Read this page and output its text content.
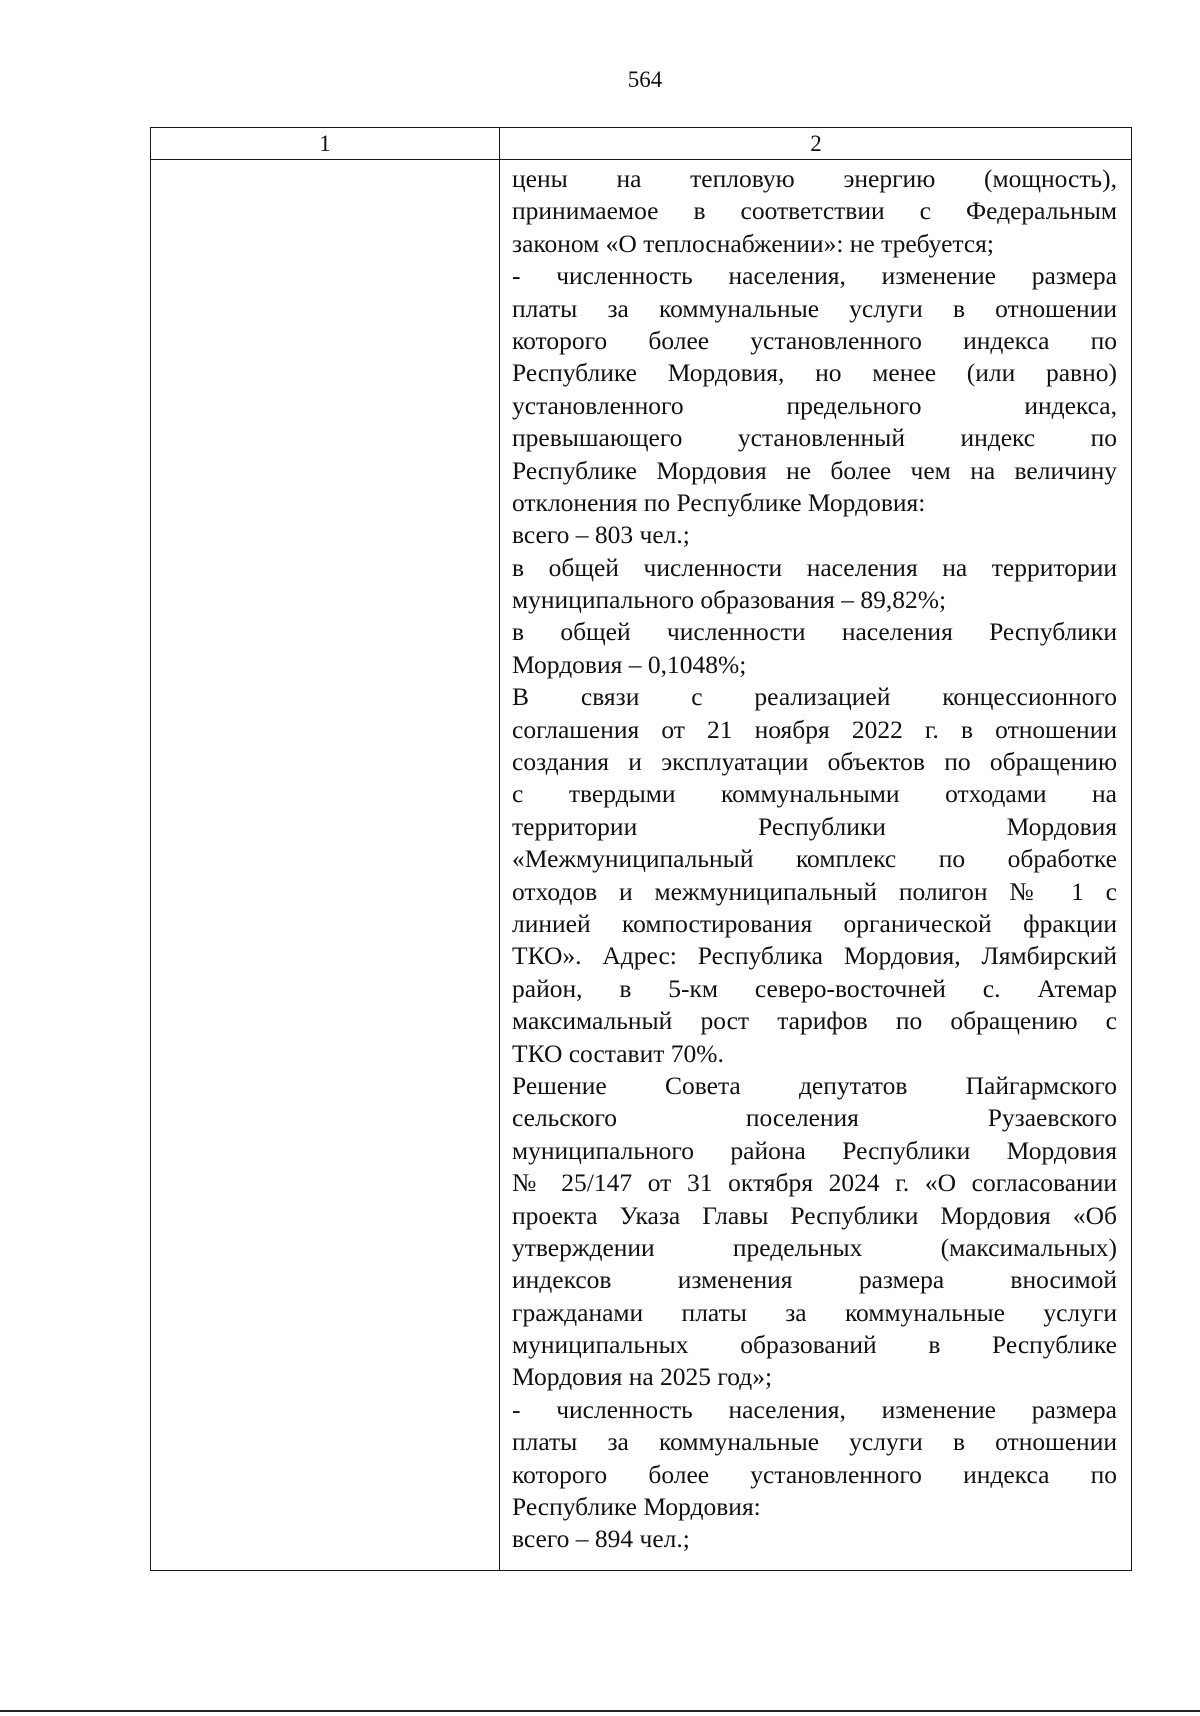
564
1	2
цены на тепловую энергию (мощность),
принимаемое в соответствии с Федеральным
законом «О теплоснабжении»: не требуется;
- численность населения, изменение размера
платы за коммунальные услуги в отношении
которого более установленного индекса по
Республике Мордовия, но менее (или равно)
установленного предельного индекса,
превышающего установленный индекс по
Республике Мордовия не более чем на величину
отклонения по Республике Мордовия:
всего – 803 чел.;
в общей численности населения на территории
муниципального образования – 89,82%;
в общей численности населения Республики
Мордовия – 0,1048%;
В связи с реализацией концессионного
соглашения от 21 ноября 2022 г. в отношении
создания и эксплуатации объектов по обращению
с твердыми коммунальными отходами на
территории Республики Мордовия
«Межмуниципальный комплекс по обработке
отходов и межмуниципальный полигон № 1 с
линией компостирования органической фракции
ТКО». Адрес: Республика Мордовия, Лямбирский
район, в 5-км северо-восточней с. Атемар
максимальный рост тарифов по обращению с
ТКО составит 70%.
Решение Совета депутатов Пайгармского
сельского поселения Рузаевского
муниципального района Республики Мордовия
№ 25/147 от 31 октября 2024 г. «О согласовании
проекта Указа Главы Республики Мордовия «Об
утверждении предельных (максимальных)
индексов изменения размера вносимой
гражданами платы за коммунальные услуги
муниципальных образований в Республике
Мордовия на 2025 год»;
- численность населения, изменение размера
платы за коммунальные услуги в отношении
которого более установленного индекса по
Республике Мордовия:
всего – 894 чел.;
